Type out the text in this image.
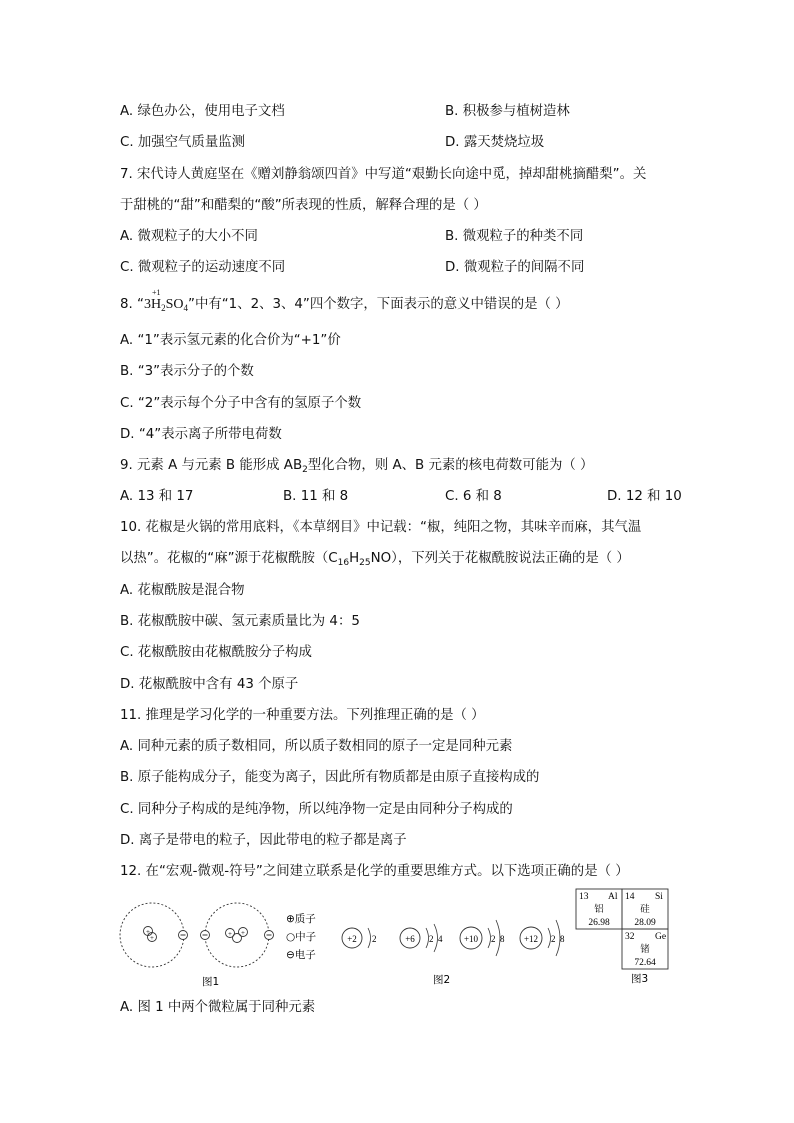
A. 绿色办公，使用电子文档	B. 积极参与植树造林
C. 加强空气质量监测	D. 露天焚烧垃圾
7. 宋代诗人黄庭坚在《赠刘静翁颂四首》中写道“艰勤长向途中觅，掉却甜桃摘醋梨”。关
于甜桃的“甜”和醋梨的“酸”所表现的性质，解释合理的是（ ）
A. 微观粒子的大小不同	B. 微观粒子的种类不同
C. 微观粒子的运动速度不同	D. 微观粒子的间隔不同
8. “$3H_2SO_4$
+1
”中有“1、2、3、4”四个数字，下面表示的意义中错误的是（ ）
A. “1”表示氢元素的化合价为“+1”价
B. “3”表示分子的个数
C. “2”表示每个分子中含有的氢原子个数
D. “4”表示离子所带电荷数
9. 元素 A 与元素 B 能形成 $AB_2$型化合物，则 A、B 元素的核电荷数可能为（ ）
A. 13 和 17	B. 11 和 8	C. 6 和 8	D. 12 和 10
10. 花椒是火锅的常用底料，《本草纲目》中记载：“椒，纯阳之物，其味辛而麻，其气温
以热”。花椒的“麻”源于花椒酰胺$(C_{16}H_{25}NO)$，下列关于花椒酰胺说法正确的是（ ）
A. 花椒酰胺是混合物
B. 花椒酰胺中碳、氢元素质量比为 4：5
C. 花椒酰胺由花椒酰胺分子构成
D. 花椒酰胺中含有 43 个原子
11. 推理是学习化学的一种重要方法。下列推理正确的是（ ）
A. 同种元素的质子数相同，所以质子数相同的原子一定是同种元素
B. 原子能构成分子，能变为离子，因此所有物质都是由原子直接构成的
C. 同种分子构成的是纯净物，所以纯净物一定是由同种分子构成的
D. 离子是带电的粒子，因此带电的粒子都是离子
12. 在“宏观-微观-符号”之间建立联系是化学的重要思维方式。以下选项正确的是（ ）
+
+	+ +
⊕质子
○中子
⊖电子
图1
+2 2	+6 2 4 +10 2 8 +12 2 8
图2
13 Al
铝
26.98
14 Si
硅
28.09
32 Ge
锗
72.64
图3
A. 图 1 中两个微粒属于同种元素
